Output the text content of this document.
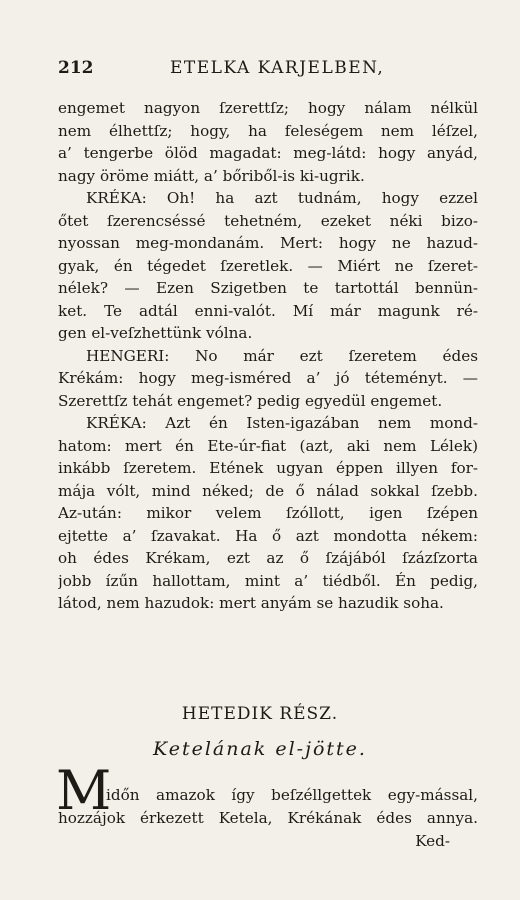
212	ETELKA KARJELBEN,
engemet nagyon ſzerettſz; hogy nálam nélkül
nem élhettſz; hogy, ha feleségem nem léſzel,
a’ tengerbe ölöd magadat: meg-látd: hogy anyád,
nagy öröme miátt, a’ bőriből-is ki-ugrik.
KRÉKA: Oh! ha azt tudnám, hogy ezzel
őtet ſzerencséssé tehetném, ezeket néki bizo-
nyossan meg-mondanám. Mert: hogy ne hazud-
gyak, én tégedet ſzeretlek. — Miért ne ſzeret-
nélek? — Ezen Szigetben te tartottál bennün-
ket. Te adtál enni-valót. Mí már magunk ré-
gen el-veſzhettünk vólna.
HENGERI: No már ezt ſzeretem édes
Krékám: hogy meg-isméred a’ jó téteményt. —
Szerettſz tehát engemet? pedig egyedül engemet.
KRÉKA: Azt én Isten-igazában nem mond-
hatom: mert én Ete-úr-fiat (azt, aki nem Lélek)
inkább ſzeretem. Etének ugyan éppen illyen for-
mája vólt, mind néked; de ő nálad sokkal ſzebb.
Az-után: mikor velem ſzóllott, igen ſzépen
ejtette a’ ſzavakat. Ha ő azt mondotta nékem:
oh édes Krékam, ezt az ő ſzájából ſzázſzorta
jobb ízűn hallottam, mint a’ tiédből. Én pedig,
látod, nem hazudok: mert anyám se hazudik soha.
HETEDIK RÉSZ.
Ketelának el-jötte.
M
időn amazok így beſzéllgettek egy-mással,
hozzájok érkezett Ketela, Krékának édes annya.
Ked-
